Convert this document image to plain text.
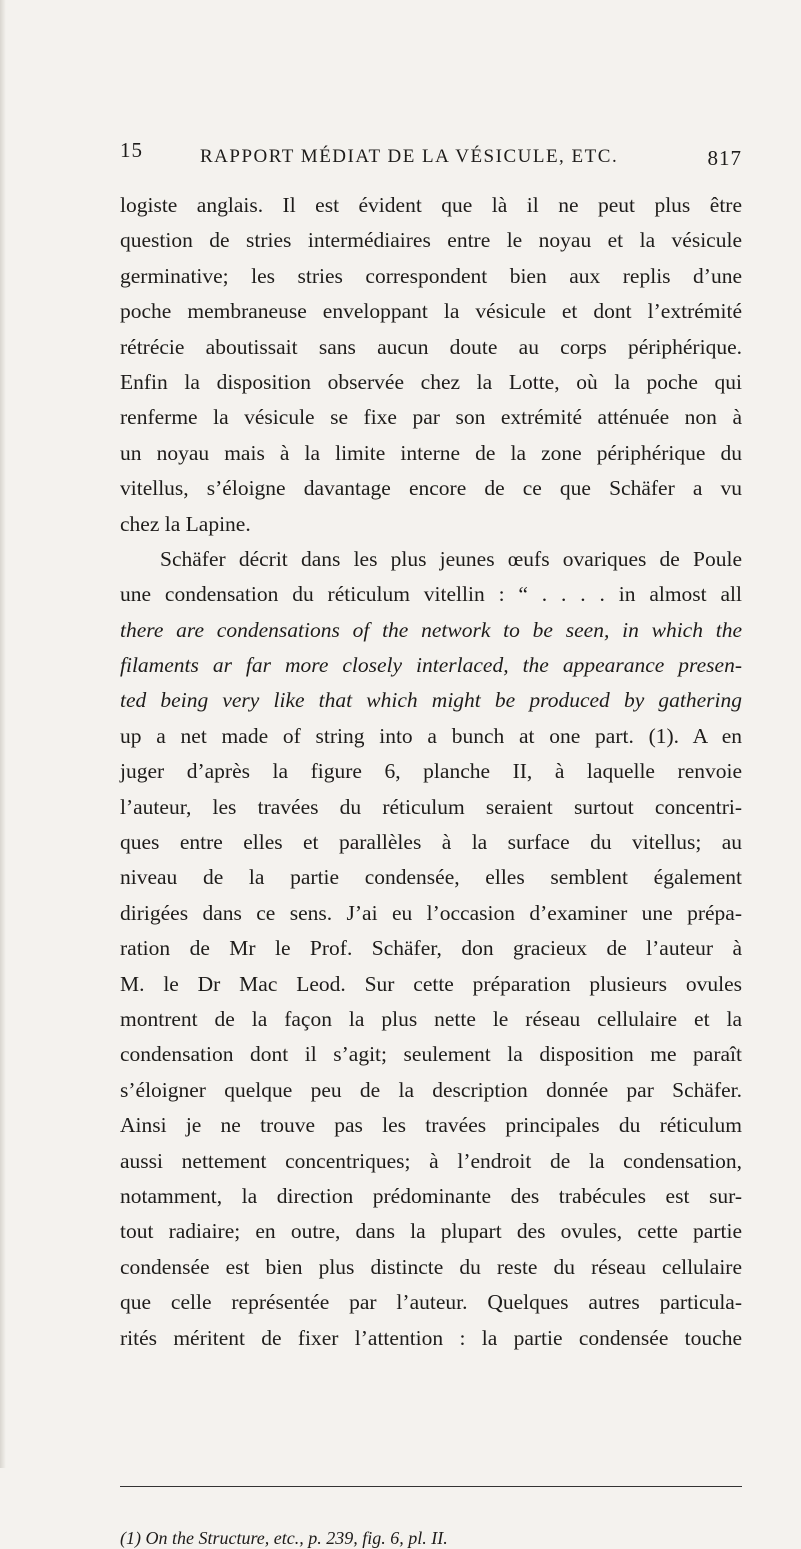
15	RAPPORT MÉDIAT DE LA VÉSICULE, ETC.	817
logiste anglais. Il est évident que là il ne peut plus être
question de stries intermédiaires entre le noyau et la vésicule
germinative; les stries correspondent bien aux replis d’une
poche membraneuse enveloppant la vésicule et dont l’extrémité
rétrécie aboutissait sans aucun doute au corps périphérique.
Enfin la disposition observée chez la Lotte, où la poche qui
renferme la vésicule se fixe par son extrémité atténuée non à
un noyau mais à la limite interne de la zone périphérique du
vitellus, s’éloigne davantage encore de ce que Schäfer a vu
chez la Lapine.
Schäfer décrit dans les plus jeunes œufs ovariques de Poule
une condensation du réticulum vitellin : “ . . . . in almost all
there are condensations of the network to be seen, in which the
filaments ar far more closely interlaced, the appearance presen-
ted being very like that which might be produced by gathering
up a net made of string into a bunch at one part. (1). A en
juger d’après la figure 6, planche II, à laquelle renvoie
l’auteur, les travées du réticulum seraient surtout concentri-
ques entre elles et parallèles à la surface du vitellus; au
niveau de la partie condensée, elles semblent également
dirigées dans ce sens. J’ai eu l’occasion d’examiner une prépa-
ration de Mr le Prof. Schäfer, don gracieux de l’auteur à
M. le Dr Mac Leod. Sur cette préparation plusieurs ovules
montrent de la façon la plus nette le réseau cellulaire et la
condensation dont il s’agit; seulement la disposition me paraît
s’éloigner quelque peu de la description donnée par Schäfer.
Ainsi je ne trouve pas les travées principales du réticulum
aussi nettement concentriques; à l’endroit de la condensation,
notamment, la direction prédominante des trabécules est sur-
tout radiaire; en outre, dans la plupart des ovules, cette partie
condensée est bien plus distincte du reste du réseau cellulaire
que celle représentée par l’auteur. Quelques autres particula-
rités méritent de fixer l’attention : la partie condensée touche
(1) On the Structure, etc., p. 239, fig. 6, pl. II.
